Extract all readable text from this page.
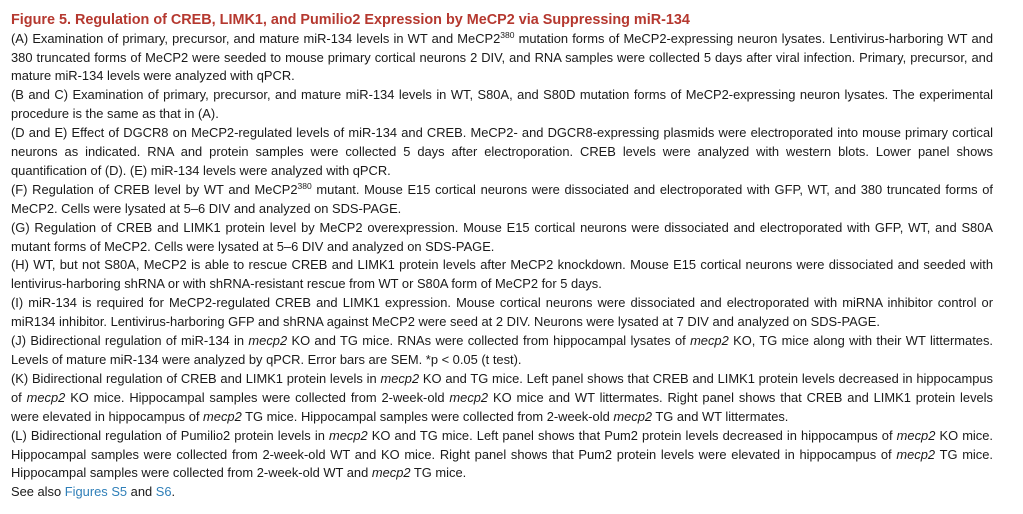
Figure 5. Regulation of CREB, LIMK1, and Pumilio2 Expression by MeCP2 via Suppressing miR-134

(A) Examination of primary, precursor, and mature miR-134 levels in WT and $MeCP2^{380}$ mutation forms of MeCP2-expressing neuron lysates. Lentivirus-harboring WT and 380 truncated forms of MeCP2 were seeded to mouse primary cortical neurons 2 DIV, and RNA samples were collected 5 days after viral infection. Primary, precursor, and mature miR-134 levels were analyzed with qPCR.

(B and C) Examination of primary, precursor, and mature miR-134 levels in WT, S80A, and S80D mutation forms of MeCP2-expressing neuron lysates. The experimental procedure is the same as that in (A).

(D and E) Effect of DGCR8 on MeCP2-regulated levels of miR-134 and CREB. MeCP2- and DGCR8-expressing plasmids were electroporated into mouse primary cortical neurons as indicated. RNA and protein samples were collected 5 days after electroporation. CREB levels were analyzed with western blots. Lower panel shows quantification of (D). (E) miR-134 levels were analyzed with qPCR.

(F) Regulation of CREB level by WT and $MeCP2^{380}$ mutant. Mouse E15 cortical neurons were dissociated and electroporated with GFP, WT, and 380 truncated forms of MeCP2. Cells were lysated at 5–6 DIV and analyzed on SDS-PAGE.

(G) Regulation of CREB and LIMK1 protein level by MeCP2 overexpression. Mouse E15 cortical neurons were dissociated and electroporated with GFP, WT, and S80A mutant forms of MeCP2. Cells were lysated at 5–6 DIV and analyzed on SDS-PAGE.

(H) WT, but not S80A, MeCP2 is able to rescue CREB and LIMK1 protein levels after MeCP2 knockdown. Mouse E15 cortical neurons were dissociated and seeded with lentivirus-harboring shRNA or with shRNA-resistant rescue from WT or S80A form of MeCP2 for 5 days.

(I) miR-134 is required for MeCP2-regulated CREB and LIMK1 expression. Mouse cortical neurons were dissociated and electroporated with miRNA inhibitor control or miR134 inhibitor. Lentivirus-harboring GFP and shRNA against MeCP2 were seed at 2 DIV. Neurons were lysated at 7 DIV and analyzed on SDS-PAGE.

(J) Bidirectional regulation of miR-134 in mecp2 KO and TG mice. RNAs were collected from hippocampal lysates of mecp2 KO, TG mice along with their WT littermates. Levels of mature miR-134 were analyzed by qPCR. Error bars are SEM. *p < 0.05 (t test).

(K) Bidirectional regulation of CREB and LIMK1 protein levels in mecp2 KO and TG mice. Left panel shows that CREB and LIMK1 protein levels decreased in hippocampus of mecp2 KO mice. Hippocampal samples were collected from 2-week-old mecp2 KO mice and WT littermates. Right panel shows that CREB and LIMK1 protein levels were elevated in hippocampus of mecp2 TG mice. Hippocampal samples were collected from 2-week-old mecp2 TG and WT littermates.

(L) Bidirectional regulation of Pumilio2 protein levels in mecp2 KO and TG mice. Left panel shows that Pum2 protein levels decreased in hippocampus of mecp2 KO mice. Hippocampal samples were collected from 2-week-old WT and KO mice. Right panel shows that Pum2 protein levels were elevated in hippocampus of mecp2 TG mice. Hippocampal samples were collected from 2-week-old WT and mecp2 TG mice.

See also Figures S5 and S6.
